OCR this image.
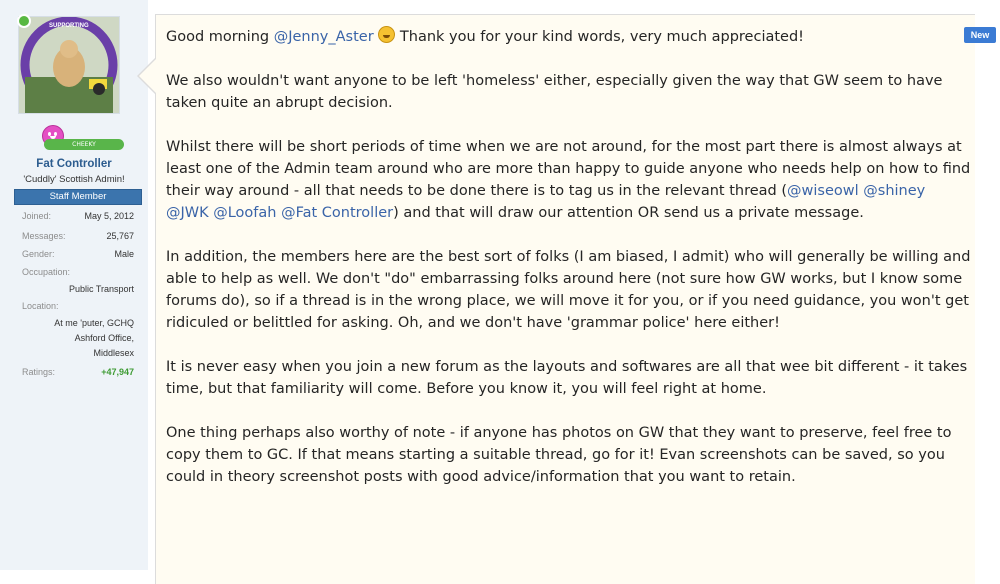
SUPPORTING
CHEEKY
Fat Controller
'Cuddly' Scottish Admin!
Staff Member
Joined:	May 5, 2012
Messages:	25,767
Gender:	Male
Occupation:
Public Transport
Location:
At me 'puter, GCHQ
Ashford Office,
Middlesex
Ratings:	+47,947
New

Good morning @Jenny_Aster  Thank you for your kind words, very much appreciated!

We also wouldn't want anyone to be left 'homeless' either, especially given the way that GW seem to have taken quite an abrupt decision.

Whilst there will be short periods of time when we are not around, for the most part there is almost always at least one of the Admin team around who are more than happy to guide anyone who needs help on how to find their way around - all that needs to be done there is to tag us in the relevant thread (@wiseowl @shiney @JWK @Loofah @Fat Controller) and that will draw our attention OR send us a private message.

In addition, the members here are the best sort of folks (I am biased, I admit) who will generally be willing and able to help as well. We don't "do" embarrassing folks around here (not sure how GW works, but I know some forums do), so if a thread is in the wrong place, we will move it for you, or if you need guidance, you won't get ridiculed or belittled for asking. Oh, and we don't have 'grammar police' here either!

It is never easy when you join a new forum as the layouts and softwares are all that wee bit different - it takes time, but that familiarity will come. Before you know it, you will feel right at home.

One thing perhaps also worthy of note - if anyone has photos on GW that they want to preserve, feel free to copy them to GC. If that means starting a suitable thread, go for it! Evan screenshots can be saved, so you could in theory screenshot posts with good advice/information that you want to retain.
